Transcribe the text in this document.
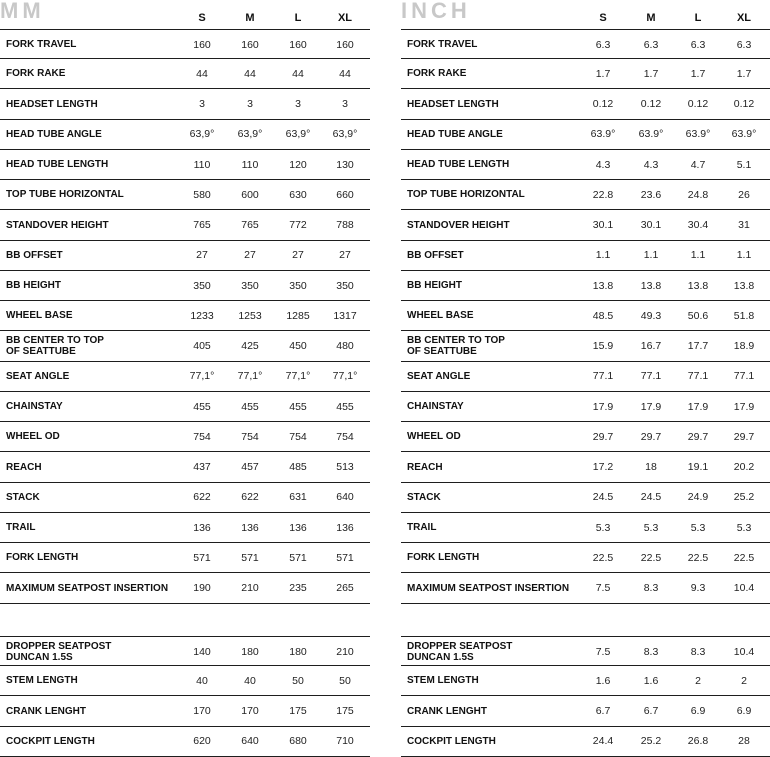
MM	S	M	L	XL
FORK TRAVEL	160	160	160	160
FORK RAKE	44	44	44	44
HEADSET LENGTH	3	3	3	3
HEAD TUBE ANGLE	63,9°	63,9°	63,9°	63,9°
HEAD TUBE LENGTH	110	110	120	130
TOP TUBE HORIZONTAL	580	600	630	660
STANDOVER HEIGHT	765	765	772	788
BB OFFSET	27	27	27	27
BB HEIGHT	350	350	350	350
WHEEL BASE	1233	1253	1285	1317
BB CENTER TO TOP
OF SEATTUBE	405	425	450	480
SEAT ANGLE	77,1°	77,1°	77,1°	77,1°
CHAINSTAY	455	455	455	455
WHEEL OD	754	754	754	754
REACH	437	457	485	513
STACK	622	622	631	640
TRAIL	136	136	136	136
FORK LENGTH	571	571	571	571
MAXIMUM SEATPOST INSERTION	190	210	235	265
DROPPER SEATPOST
DUNCAN 1.5S	140	180	180	210
STEM LENGTH	40	40	50	50
CRANK LENGHT	170	170	175	175
COCKPIT LENGTH	620	640	680	710
INCH	S	M	L	XL
FORK TRAVEL	6.3	6.3	6.3	6.3
FORK RAKE	1.7	1.7	1.7	1.7
HEADSET LENGTH	0.12	0.12	0.12	0.12
HEAD TUBE ANGLE	63.9°	63.9°	63.9°	63.9°
HEAD TUBE LENGTH	4.3	4.3	4.7	5.1
TOP TUBE HORIZONTAL	22.8	23.6	24.8	26
STANDOVER HEIGHT	30.1	30.1	30.4	31
BB OFFSET	1.1	1.1	1.1	1.1
BB HEIGHT	13.8	13.8	13.8	13.8
WHEEL BASE	48.5	49.3	50.6	51.8
BB CENTER TO TOP
OF SEATTUBE	15.9	16.7	17.7	18.9
SEAT ANGLE	77.1	77.1	77.1	77.1
CHAINSTAY	17.9	17.9	17.9	17.9
WHEEL OD	29.7	29.7	29.7	29.7
REACH	17.2	18	19.1	20.2
STACK	24.5	24.5	24.9	25.2
TRAIL	5.3	5.3	5.3	5.3
FORK LENGTH	22.5	22.5	22.5	22.5
MAXIMUM SEATPOST INSERTION	7.5	8.3	9.3	10.4
DROPPER SEATPOST
DUNCAN 1.5S	7.5	8.3	8.3	10.4
STEM LENGTH	1.6	1.6	2	2
CRANK LENGHT	6.7	6.7	6.9	6.9
COCKPIT LENGTH	24.4	25.2	26.8	28
